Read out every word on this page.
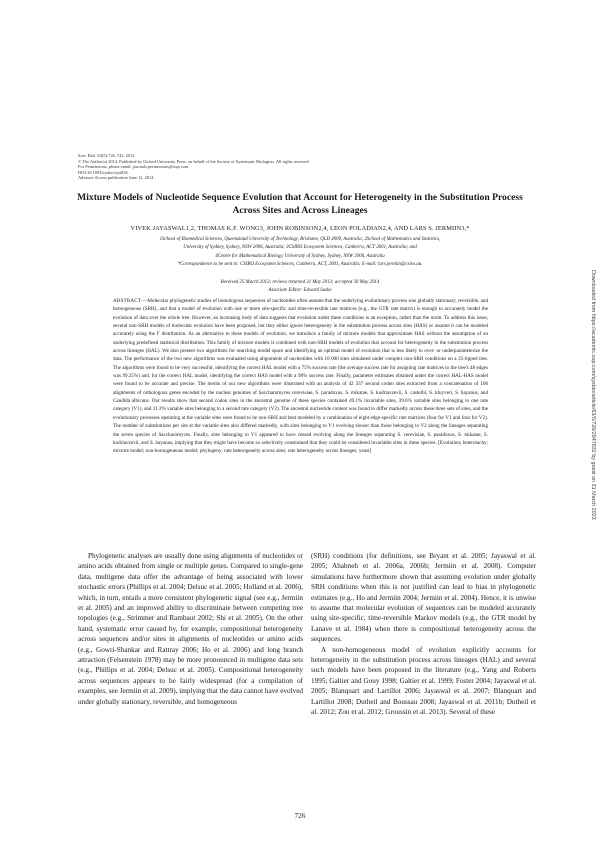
Syst. Biol. 63(5):726–742, 2014
© The Author(s) 2014. Published by Oxford University Press, on behalf of the Society of Systematic Biologists. All rights reserved.
For Permissions, please email: journals.permissions@oup.com
DOI:10.1093/sysbio/syu036
Advance Access publication June 12, 2014
Mixture Models of Nucleotide Sequence Evolution that Account for Heterogeneity in the Substitution Process Across Sites and Across Lineages
VIVEK JAYASWAL1,2, THOMAS K.F. WONG3, JOHN ROBINSON2,4, LEON POLADIAN2,4, AND LARS S. JERMIIN3,*
1School of Biomedical Sciences, Queensland University of Technology, Brisbane, QLD 4000, Australia; 2School of Mathematics and Statistics,
University of Sydney, Sydney, NSW 2006, Australia; 3CSIRO Ecosystem Sciences, Canberra, ACT 2601, Australia; and
4Centre for Mathematical Biology, University of Sydney, Sydney, NSW 2006, Australia
*Correspondence to be sent to: CSIRO Ecosystem Sciences, Canberra, ACT, 2601, Australia; E-mail: lars.jermiin@csiro.au.
Received 25 March 2013; reviews returned 31 May 2013; accepted 30 May 2014
Associate Editor: Edward Susko
ABSTRACT.—Molecular phylogenetic studies of homologous sequences of nucleotides often assume that the underlying evolutionary process was globally stationary, reversible, and homogeneous (SRH), and that a model of evolution with one or more site-specific and time-reversible rate matrices (e.g., the GTR rate matrix) is enough to accurately model the evolution of data over the whole tree. However, an increasing body of data suggests that evolution under these conditions is an exception, rather than the norm. To address this issue, several non-SRH models of molecular evolution have been proposed, but they either ignore heterogeneity in the substitution process across sites (HAS) or assume it can be modeled accurately using the Γ distribution. As an alternative to these models of evolution, we introduce a family of mixture models that approximate HAS without the assumption of an underlying predefined statistical distribution. This family of mixture models is combined with non-SRH models of evolution that account for heterogeneity in the substitution process across lineages (HAL). We also present two algorithms for searching model space and identifying an optimal model of evolution that is less likely to over- or underparameterize the data. The performance of the two new algorithms was evaluated using alignments of nucleotides with 10 000 sites simulated under complex non-SRH conditions on a 25-tipped tree. The algorithms were found to be very successful, identifying the correct HAL model with a 75% success rate (the average success rate for assigning rate matrices to the tree's 48 edges was 99.25%) and, for the correct HAL model, identifying the correct HAS model with a 98% success rate. Finally, parameter estimates obtained under the correct HAL-HAS model were found to be accurate and precise. The merits of our new algorithms were illustrated with an analysis of 42 337 second codon sites extracted from a concatenation of 106 alignments of orthologous genes encoded by the nuclear genomes of Saccharomyces cerevisiae, S. paradoxus, S. mikatae, S. kudriavzevii, S. castellii, S. kluyveri, S. bayanus, and Candida albicans. Our results show that second codon sites in the ancestral genome of these species contained 49.1% invariable sites, 39.6% variable sites belonging to one rate category (V1), and 11.3% variable sites belonging to a second rate category (V2). The ancestral nucleotide content was found to differ markedly across these three sets of sites, and the evolutionary processes operating at the variable sites were found to be non-SRH and best modeled by a combination of eight edge-specific rate matrices (four for V1 and four for V2). The number of substitutions per site at the variable sites also differed markedly, with sites belonging to V1 evolving slower than those belonging to V2 along the lineages separating the seven species of Saccharomyces. Finally, sites belonging to V1 appeared to have ceased evolving along the lineages separating S. cerevisiae, S. paradoxus, S. mikatae, S. kudriavzevii, and S. bayanus, implying that they might have become so selectively constrained that they could be considered invariable sites in these species. [Evolution; heterotachy; mixture model; non-homogeneous model; phylogeny; rate heterogeneity across sites; rate heterogeneity across lineages; yeast]

Phylogenetic analyses are usually done using alignments of nucleotides or amino acids obtained from single or multiple genes. Compared to single-gene data, multigene data offer the advantage of being associated with lower stochastic errors (Phillips et al. 2004; Delsuc et al. 2005; Holland et al. 2006), which, in turn, entails a more consistent phylogenetic signal (see e.g., Jermiin et al. 2005) and an improved ability to discriminate between competing tree topologies (e.g., Strimmer and Rambaut 2002; Shi et al. 2005). On the other hand, systematic error caused by, for example, compositional heterogeneity across sequences and/or sites in alignments of nucleotides or amino acids (e.g., Gowri-Shankar and Rattray 2006; Ho et al. 2006) and long branch attraction (Felsenstein 1978) may be more pronounced in multigene data sets (e.g., Phillips et al. 2004; Delsuc et al. 2005). Compositional heterogeneity across sequences appears to be fairly widespread (for a compilation of examples, see Jermiin et al. 2009), implying that the data cannot have evolved under globally stationary, reversible, and homogeneous

(SRH) conditions (for definitions, see Bryant et al. 2005; Jayaswal et al. 2005; Ababneh et al. 2006a, 2006b; Jermiin et al. 2008). Computer simulations have furthermore shown that assuming evolution under globally SRH conditions when this is not justified can lead to bias in phylogenetic estimates (e.g., Ho and Jermiin 2004; Jermiin et al. 2004). Hence, it is unwise to assume that molecular evolution of sequences can be modeled accurately using site-specific, time-reversible Markov models (e.g., the GTR model by Lanave et al. 1984) when there is compositional heterogeneity across the sequences.

A non-homogeneous model of evolution explicitly accounts for heterogeneity in the substitution process across lineages (HAL) and several such models have been proposed in the literature (e.g., Yang and Roberts 1995; Galtier and Gouy 1998; Galtier et al. 1999; Foster 2004; Jayaswal et al. 2005; Blanquart and Lartillot 2006; Jayaswal et al. 2007; Blanquart and Lartillot 2008; Dutheil and Boussau 2008; Jayaswal et al. 2011b; Dutheil et al. 2012; Zou et al. 2012; Groussin et al. 2013). Several of these

726
Downloaded from https://academic.oup.com/sysbio/article/63/5/726/2847832 by guest on 31 March 2023
